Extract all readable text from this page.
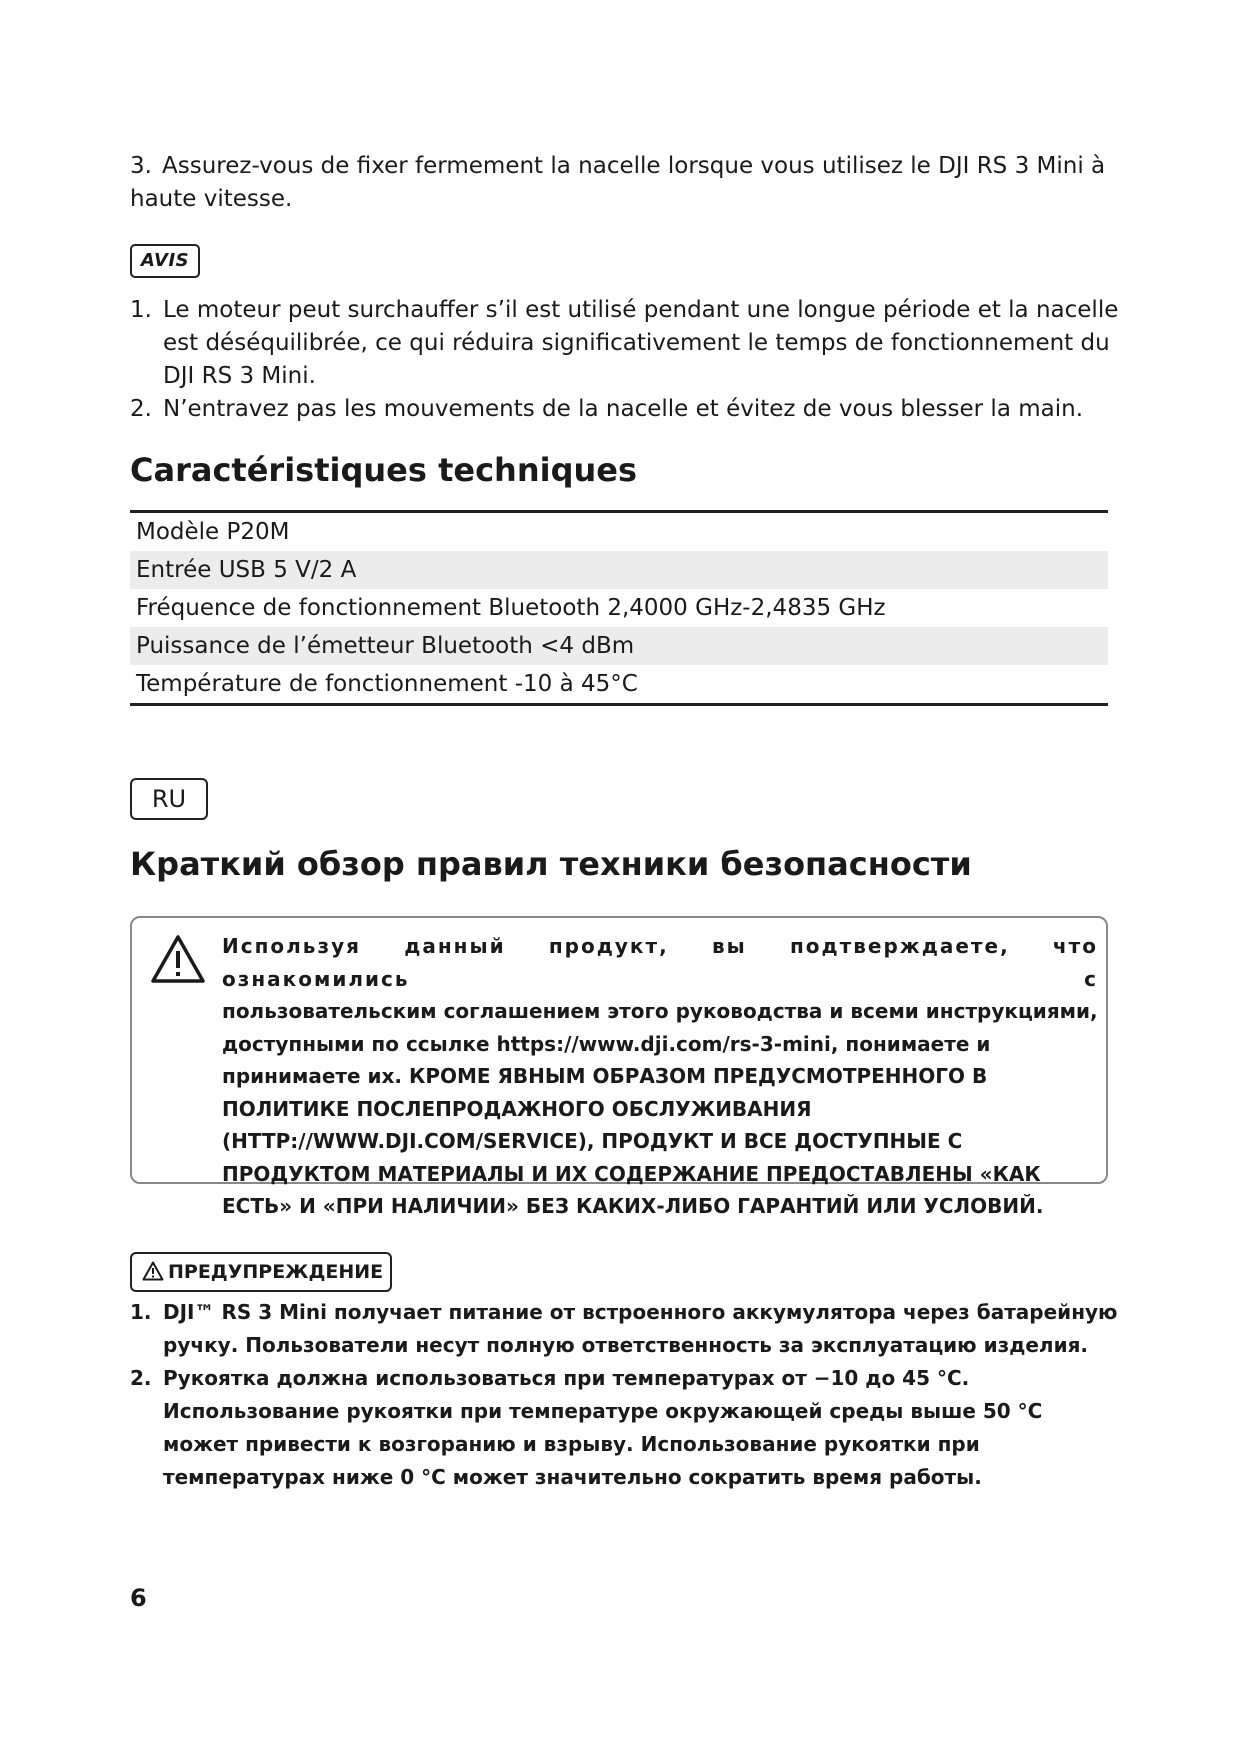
3. Assurez-vous de fixer fermement la nacelle lorsque vous utilisez le DJI RS 3 Mini à haute vitesse.
AVIS
1. Le moteur peut surchauffer s’il est utilisé pendant une longue période et la nacelle est déséquilibrée, ce qui réduira significativement le temps de fonctionnement du DJI RS 3 Mini.
2. N’entravez pas les mouvements de la nacelle et évitez de vous blesser la main.
Caractéristiques techniques
Modèle P20M
Entrée USB 5 V/2 A
Fréquence de fonctionnement Bluetooth 2,4000 GHz-2,4835 GHz
Puissance de l’émetteur Bluetooth <4 dBm
Température de fonctionnement -10 à 45°C
RU
Краткий обзор правил техники безопасности
Используя данный продукт, вы подтверждаете, что ознакомились с
пользовательским соглашением этого руководства и всеми инструкциями, доступными по ссылке https://www.dji.com/rs-3-mini, понимаете и принимаете их. КРОМЕ ЯВНЫМ ОБРАЗОМ ПРЕДУСМОТРЕННОГО В ПОЛИТИКЕ ПОСЛЕПРОДАЖНОГО ОБСЛУЖИВАНИЯ (HTTP://WWW.DJI.COM/SERVICE), ПРОДУКТ И ВСЕ ДОСТУПНЫЕ С ПРОДУКТОМ МАТЕРИАЛЫ И ИХ СОДЕРЖАНИЕ ПРЕДОСТАВЛЕНЫ «КАК ЕСТЬ» И «ПРИ НАЛИЧИИ» БЕЗ КАКИХ-ЛИБО ГАРАНТИЙ ИЛИ УСЛОВИЙ.
ПРЕДУПРЕЖДЕНИЕ
1. DJI™ RS 3 Mini получает питание от встроенного аккумулятора через батарейную ручку. Пользователи несут полную ответственность за эксплуатацию изделия.
2. Рукоятка должна использоваться при температурах от −10 до 45 °C. Использование рукоятки при температуре окружающей среды выше 50 °C может привести к возгоранию и взрыву. Использование рукоятки при температурах ниже 0 °C может значительно сократить время работы.
6
